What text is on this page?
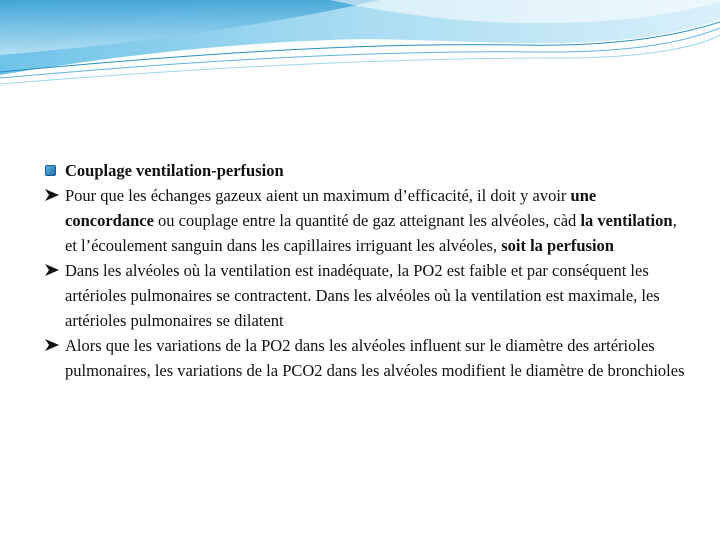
Couplage ventilation-perfusion

Pour que les échanges gazeux aient un maximum d’efficacité, il doit y avoir une concordance ou couplage entre la quantité de gaz atteignant les alvéoles, càd la ventilation, et l’écoulement sanguin dans les capillaires irriguant les alvéoles, soit la perfusion

Dans les alvéoles où la ventilation est inadéquate, la PO2 est faible et par conséquent les artérioles pulmonaires se contractent. Dans les alvéoles où la ventilation est maximale, les artérioles pulmonaires se dilatent

Alors que les variations de la PO2 dans les alvéoles influent sur le diamètre des artérioles pulmonaires, les variations de la PCO2 dans les alvéoles modifient le diamètre de bronchioles
